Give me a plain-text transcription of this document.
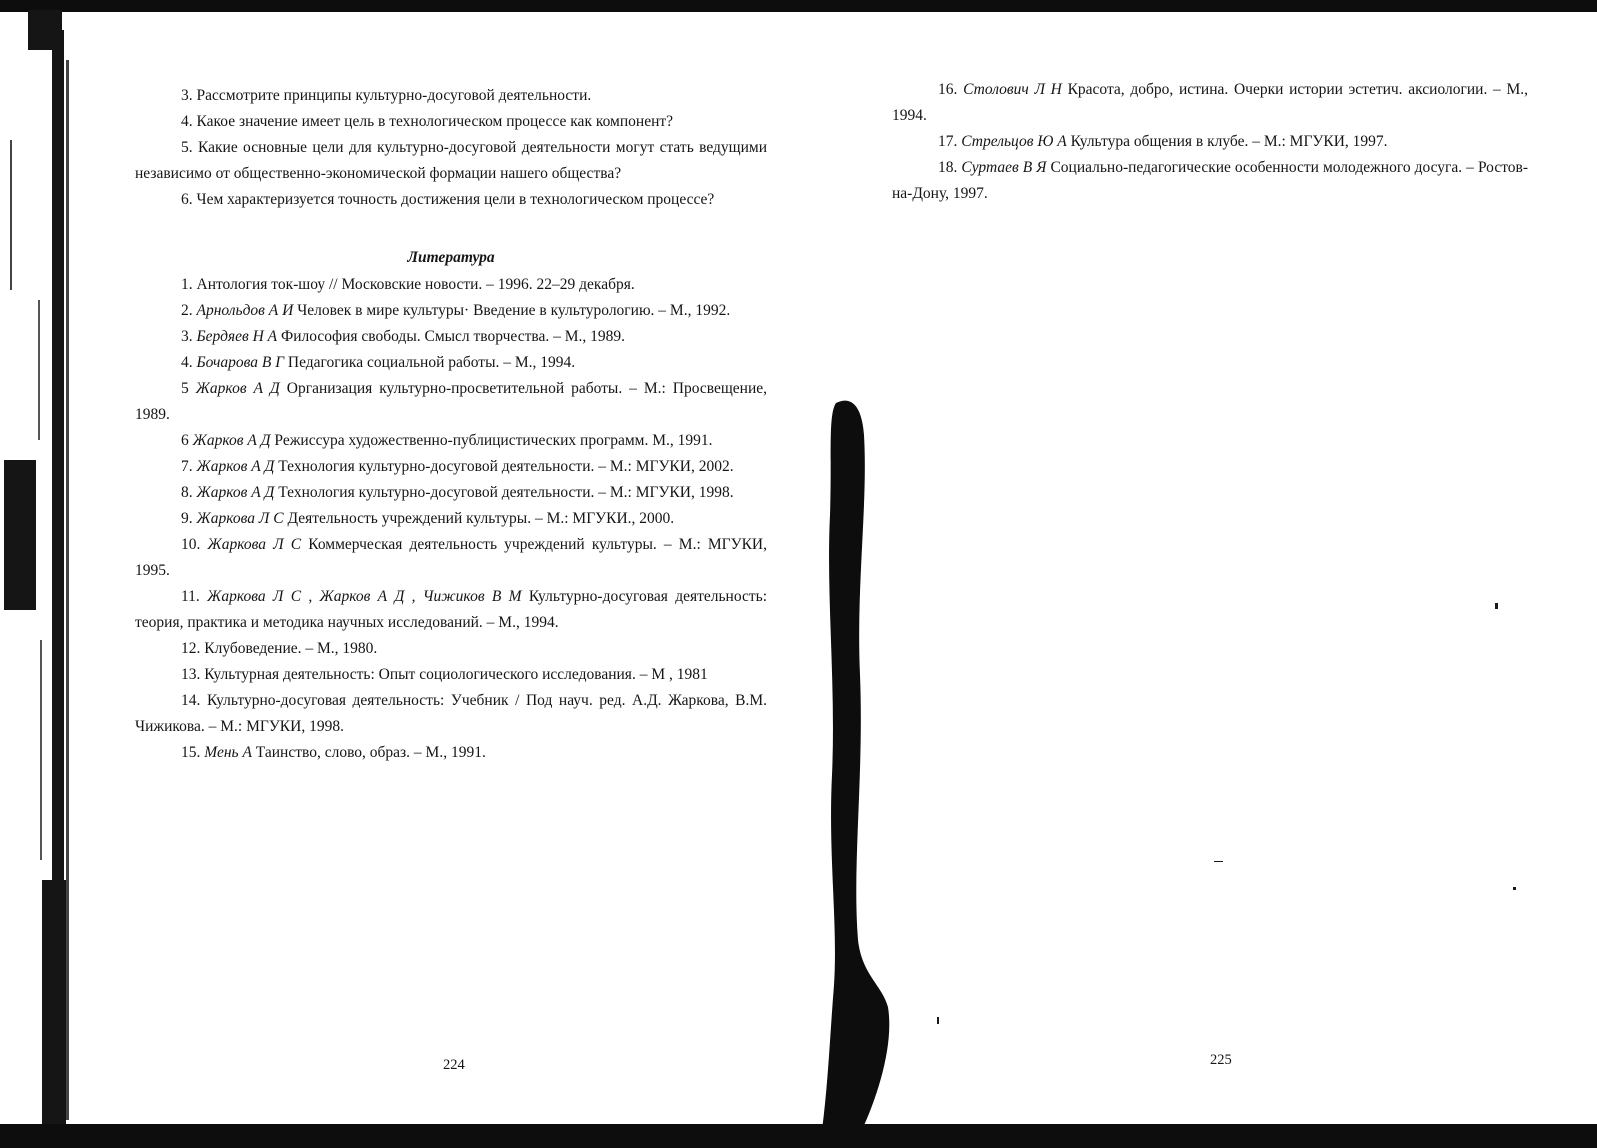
3. Рассмотрите принципы культурно-досуговой деятельности.

4. Какое значение имеет цель в технологическом процессе как компонент?

5. Какие основные цели для культурно-досуговой деятельности могут стать ведущими независимо от общественно-экономической формации нашего общества?

6. Чем характеризуется точность достижения цели в технологическом процессе?

Литература

1. Антология ток-шоу // Московские новости. – 1996. 22–29 декабря.

2. Арнольдов А И Человек в мире культуры· Введение в культурологию. – М., 1992.

3. Бердяев Н А Философия свободы. Смысл творчества. – М., 1989.

4. Бочарова В Г Педагогика социальной работы. – М., 1994.

5 Жарков А Д Организация культурно-просветительной работы. – М.: Просвещение, 1989.

6 Жарков А Д Режиссура художественно-публицистических программ. М., 1991.

7. Жарков А Д Технология культурно-досуговой деятельности. – М.: МГУКИ, 2002.

8. Жарков А Д Технология культурно-досуговой деятельности. – М.: МГУКИ, 1998.

9. Жаркова Л С Деятельность учреждений культуры. – М.: МГУКИ., 2000.

10. Жаркова Л С Коммерческая деятельность учреждений культуры. – М.: МГУКИ, 1995.

11. Жаркова Л С , Жарков А Д , Чижиков В М Культурно-досуговая деятельность: теория, практика и методика научных исследований. – М., 1994.

12. Клубоведение. – М., 1980.

13. Культурная деятельность: Опыт социологического исследования. – М , 1981

14. Культурно-досуговая деятельность: Учебник / Под науч. ред. А.Д. Жаркова, В.М. Чижикова. – М.: МГУКИ, 1998.

15. Мень А Таинство, слово, образ. – М., 1991.

224

16. Столович Л Н Красота, добро, истина. Очерки истории эстетич. аксиологии. – М., 1994.

17. Стрельцов Ю А Культура общения в клубе. – М.: МГУКИ, 1997.

18. Суртаев В Я Социально-педагогические особенности молодежного досуга. – Ростов-на-Дону, 1997.

225
